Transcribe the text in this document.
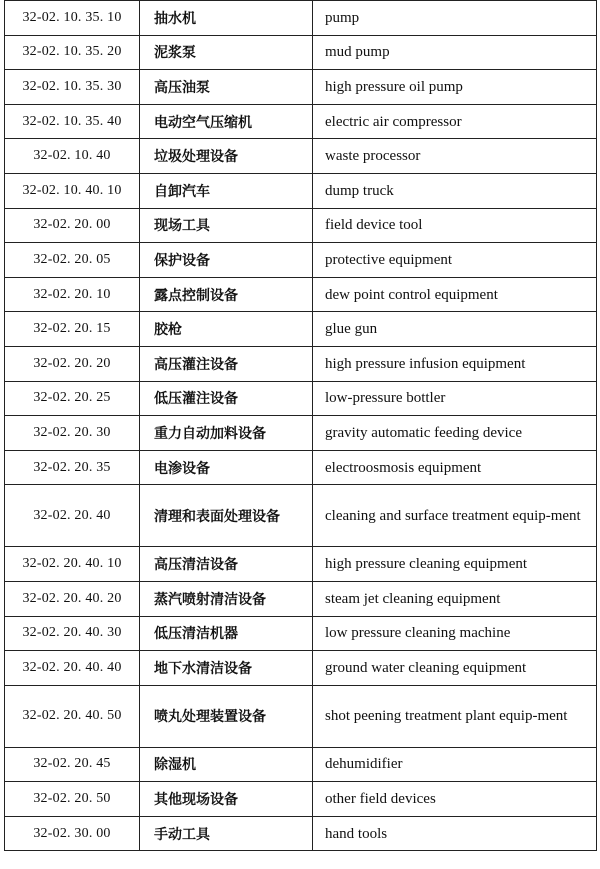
32-02. 10. 35. 10	抽水机	pump
32-02. 10. 35. 20	泥浆泵	mud pump
32-02. 10. 35. 30	高压油泵	high pressure oil pump
32-02. 10. 35. 40	电动空气压缩机	electric air compressor
32-02. 10. 40	垃圾处理设备	waste processor
32-02. 10. 40. 10	自卸汽车	dump truck
32-02. 20. 00	现场工具	field device tool
32-02. 20. 05	保护设备	protective equipment
32-02. 20. 10	露点控制设备	dew point control equipment
32-02. 20. 15	胶枪	glue gun
32-02. 20. 20	高压灌注设备	high pressure infusion equipment
32-02. 20. 25	低压灌注设备	low-pressure bottler
32-02. 20. 30	重力自动加料设备	gravity automatic feeding device
32-02. 20. 35	电渗设备	electroosmosis equipment
32-02. 20. 40	清理和表面处理设备	cleaning and surface treatment equip-ment
32-02. 20. 40. 10	高压清洁设备	high pressure cleaning equipment
32-02. 20. 40. 20	蒸汽喷射清洁设备	steam jet cleaning equipment
32-02. 20. 40. 30	低压清洁机器	low pressure cleaning machine
32-02. 20. 40. 40	地下水清洁设备	ground water cleaning equipment
32-02. 20. 40. 50	喷丸处理装置设备	shot peening treatment plant equip-ment
32-02. 20. 45	除湿机	dehumidifier
32-02. 20. 50	其他现场设备	other field devices
32-02. 30. 00	手动工具	hand tools
